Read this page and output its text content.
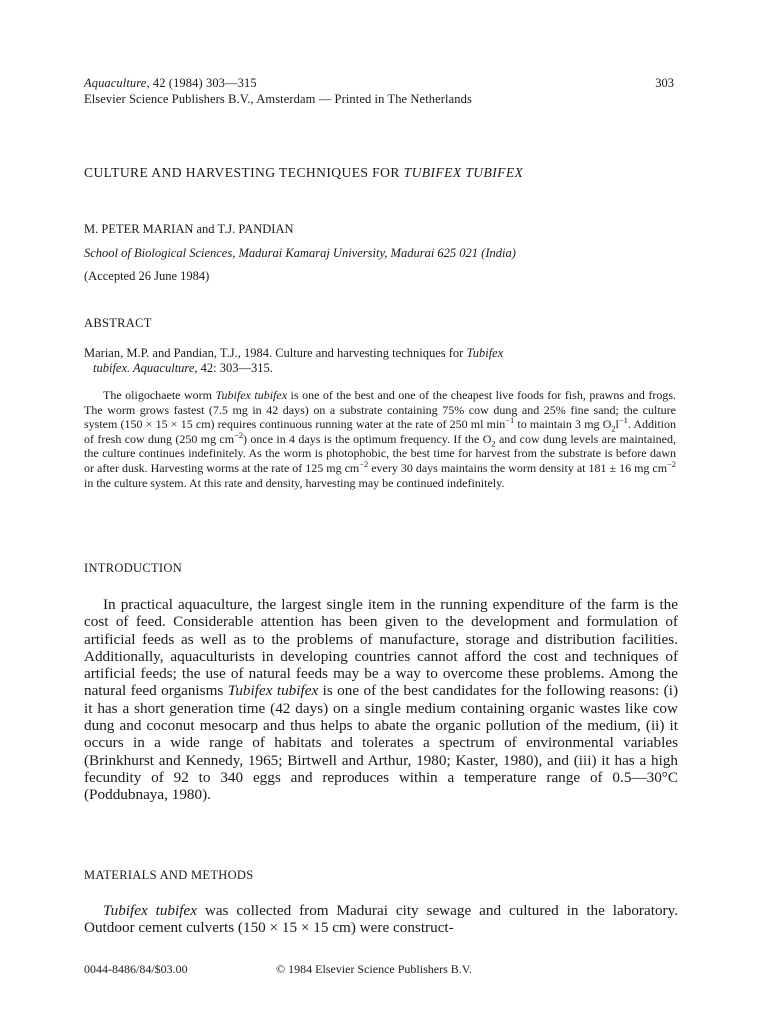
Aquaculture, 42 (1984) 303—315
Elsevier Science Publishers B.V., Amsterdam — Printed in The Netherlands
303
CULTURE AND HARVESTING TECHNIQUES FOR TUBIFEX TUBIFEX
M. PETER MARIAN and T.J. PANDIAN
School of Biological Sciences, Madurai Kamaraj University, Madurai 625 021 (India)
(Accepted 26 June 1984)
ABSTRACT
Marian, M.P. and Pandian, T.J., 1984. Culture and harvesting techniques for Tubifex
tubifex. Aquaculture, 42: 303—315.
The oligochaete worm Tubifex tubifex is one of the best and one of the cheapest live foods for fish, prawns and frogs. The worm grows fastest (7.5 mg in 42 days) on a substrate containing 75% cow dung and 25% fine sand; the culture system (150 × 15 × 15 cm) requires continuous running water at the rate of 250 ml $\min^{-1}$ to maintain 3 mg $O_2l^{-1}$. Addition of fresh cow dung (250 mg $cm^{-2}$) once in 4 days is the optimum frequency. If the $O_2$ and cow dung levels are maintained, the culture continues indefinitely. As the worm is photophobic, the best time for harvest from the substrate is before dawn or after dusk. Harvesting worms at the rate of 125 mg $cm^{-2}$ every 30 days maintains the worm density at 181 ± 16 mg $cm^{-2}$ in the culture system. At this rate and density, harvesting may be continued indefinitely.
INTRODUCTION
In practical aquaculture, the largest single item in the running expenditure of the farm is the cost of feed. Considerable attention has been given to the development and formulation of artificial feeds as well as to the problems of manufacture, storage and distribution facilities. Additionally, aquaculturists in developing countries cannot afford the cost and techniques of artificial feeds; the use of natural feeds may be a way to overcome these problems. Among the natural feed organisms Tubifex tubifex is one of the best candidates for the following reasons: (i) it has a short generation time (42 days) on a single medium containing organic wastes like cow dung and coconut mesocarp and thus helps to abate the organic pollution of the medium, (ii) it occurs in a wide range of habitats and tolerates a spectrum of environmental variables (Brinkhurst and Kennedy, 1965; Birtwell and Arthur, 1980; Kaster, 1980), and (iii) it has a high fecundity of 92 to 340 eggs and reproduces within a temperature range of 0.5—30°C (Poddubnaya, 1980).
MATERIALS AND METHODS
Tubifex tubifex was collected from Madurai city sewage and cultured in the laboratory. Outdoor cement culverts (150 × 15 × 15 cm) were construct-
0044-8486/84/$03.00	© 1984 Elsevier Science Publishers B.V.
